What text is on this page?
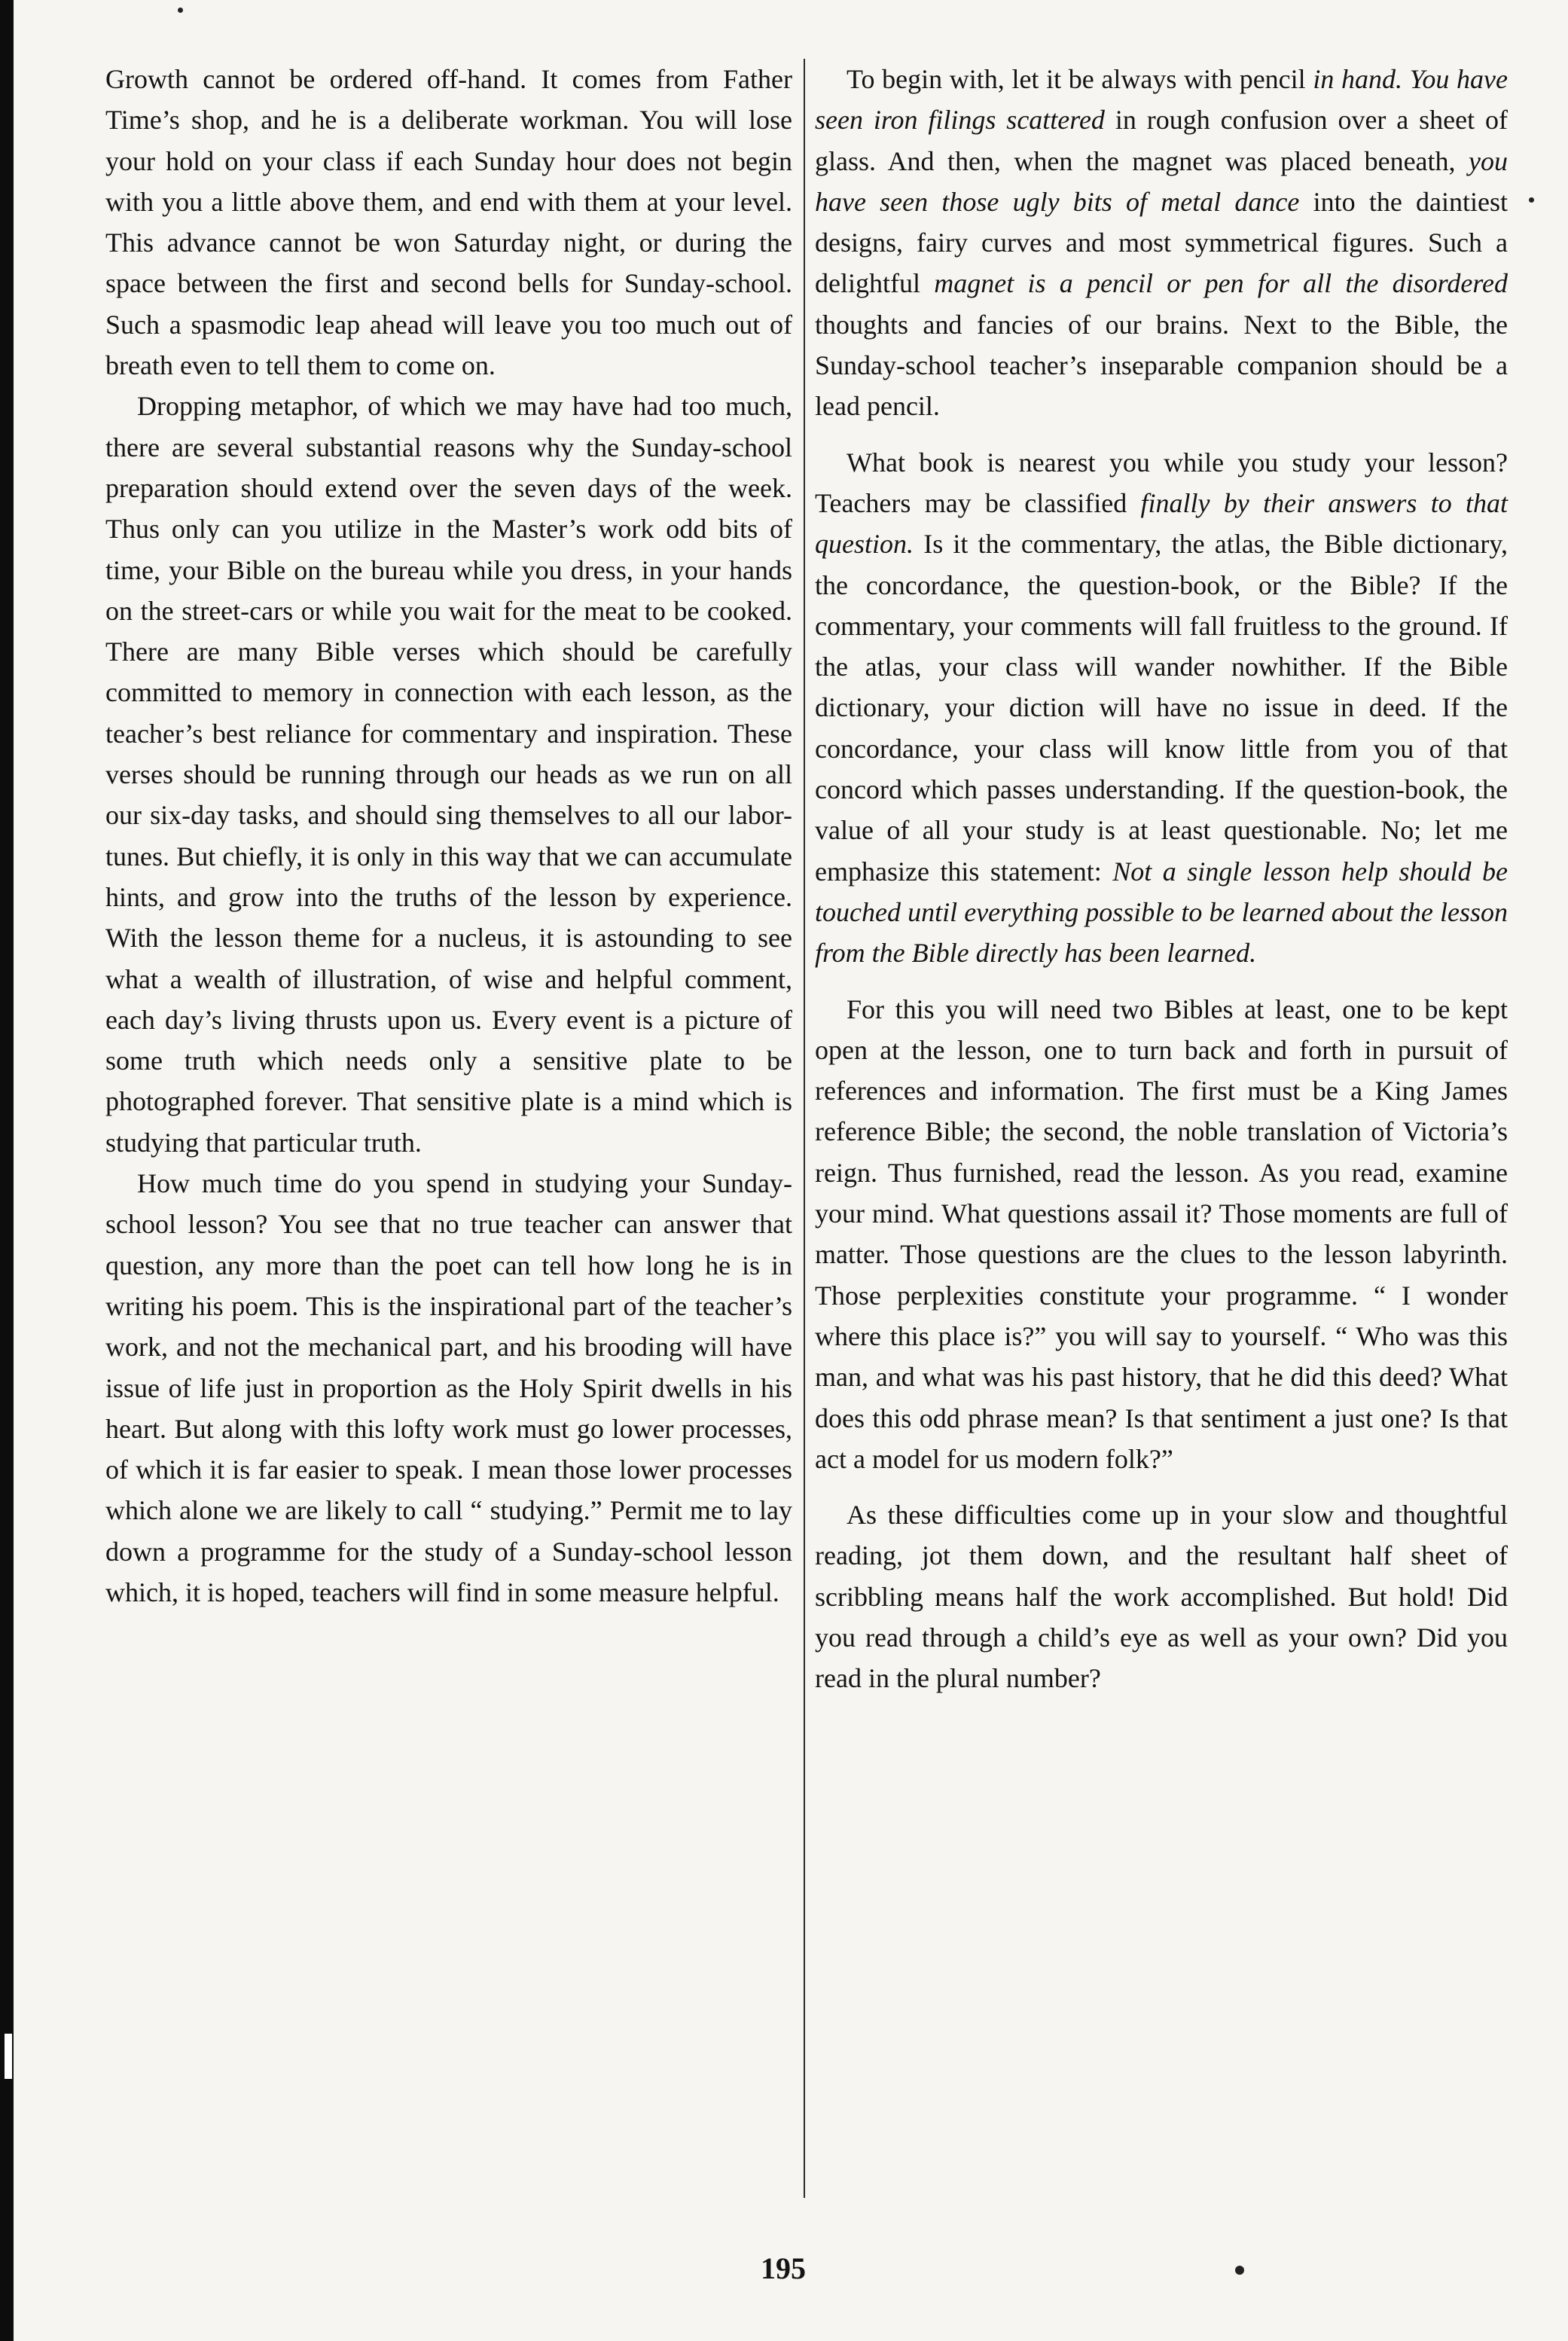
Growth cannot be ordered off-hand. It comes from Father Time’s shop, and he is a deliberate workman. You will lose your hold on your class if each Sunday hour does not begin with you a little above them, and end with them at your level. This advance cannot be won Saturday night, or during the space between the first and second bells for Sunday-school. Such a spasmodic leap ahead will leave you too much out of breath even to tell them to come on.

Dropping metaphor, of which we may have had too much, there are several substantial reasons why the Sunday-school preparation should extend over the seven days of the week. Thus only can you utilize in the Master’s work odd bits of time, your Bible on the bureau while you dress, in your hands on the street-cars or while you wait for the meat to be cooked. There are many Bible verses which should be carefully committed to memory in connection with each lesson, as the teacher’s best reliance for commentary and inspiration. These verses should be running through our heads as we run on all our six-day tasks, and should sing themselves to all our labor-tunes. But chiefly, it is only in this way that we can accumulate hints, and grow into the truths of the lesson by experience. With the lesson theme for a nucleus, it is astounding to see what a wealth of illustration, of wise and helpful comment, each day’s living thrusts upon us. Every event is a picture of some truth which needs only a sensitive plate to be photographed forever. That sensitive plate is a mind which is studying that particular truth.

How much time do you spend in studying your Sunday-school lesson? You see that no true teacher can answer that question, any more than the poet can tell how long he is in writing his poem. This is the inspirational part of the teacher’s work, and not the mechanical part, and his brooding will have issue of life just in proportion as the Holy Spirit dwells in his heart. But along with this lofty work must go lower processes, of which it is far easier to speak. I mean those lower processes which alone we are likely to call “ studying.” Permit me to lay down a programme for the study of a Sunday-school lesson which, it is hoped, teachers will find in some measure helpful.

To begin with, let it be always with pencil in hand. You have seen iron filings scattered in rough confusion over a sheet of glass. And then, when the magnet was placed beneath, you have seen those ugly bits of metal dance into the daintiest designs, fairy curves and most symmetrical figures. Such a delightful magnet is a pencil or pen for all the disordered thoughts and fancies of our brains. Next to the Bible, the Sunday-school teacher’s inseparable companion should be a lead pencil.

What book is nearest you while you study your lesson? Teachers may be classified finally by their answers to that question. Is it the commentary, the atlas, the Bible dictionary, the concordance, the question-book, or the Bible? If the commentary, your comments will fall fruitless to the ground. If the atlas, your class will wander nowhither. If the Bible dictionary, your diction will have no issue in deed. If the concordance, your class will know little from you of that concord which passes understanding. If the question-book, the value of all your study is at least questionable. No; let me emphasize this statement: Not a single lesson help should be touched until everything possible to be learned about the lesson from the Bible directly has been learned.

For this you will need two Bibles at least, one to be kept open at the lesson, one to turn back and forth in pursuit of references and information. The first must be a King James reference Bible; the second, the noble translation of Victoria’s reign. Thus furnished, read the lesson. As you read, examine your mind. What questions assail it? Those moments are full of matter. Those questions are the clues to the lesson labyrinth. Those perplexities constitute your programme. “ I wonder where this place is?” you will say to yourself. “ Who was this man, and what was his past history, that he did this deed? What does this odd phrase mean? Is that sentiment a just one? Is that act a model for us modern folk?”

As these difficulties come up in your slow and thoughtful reading, jot them down, and the resultant half sheet of scribbling means half the work accomplished. But hold! Did you read through a child’s eye as well as your own? Did you read in the plural number?

195
